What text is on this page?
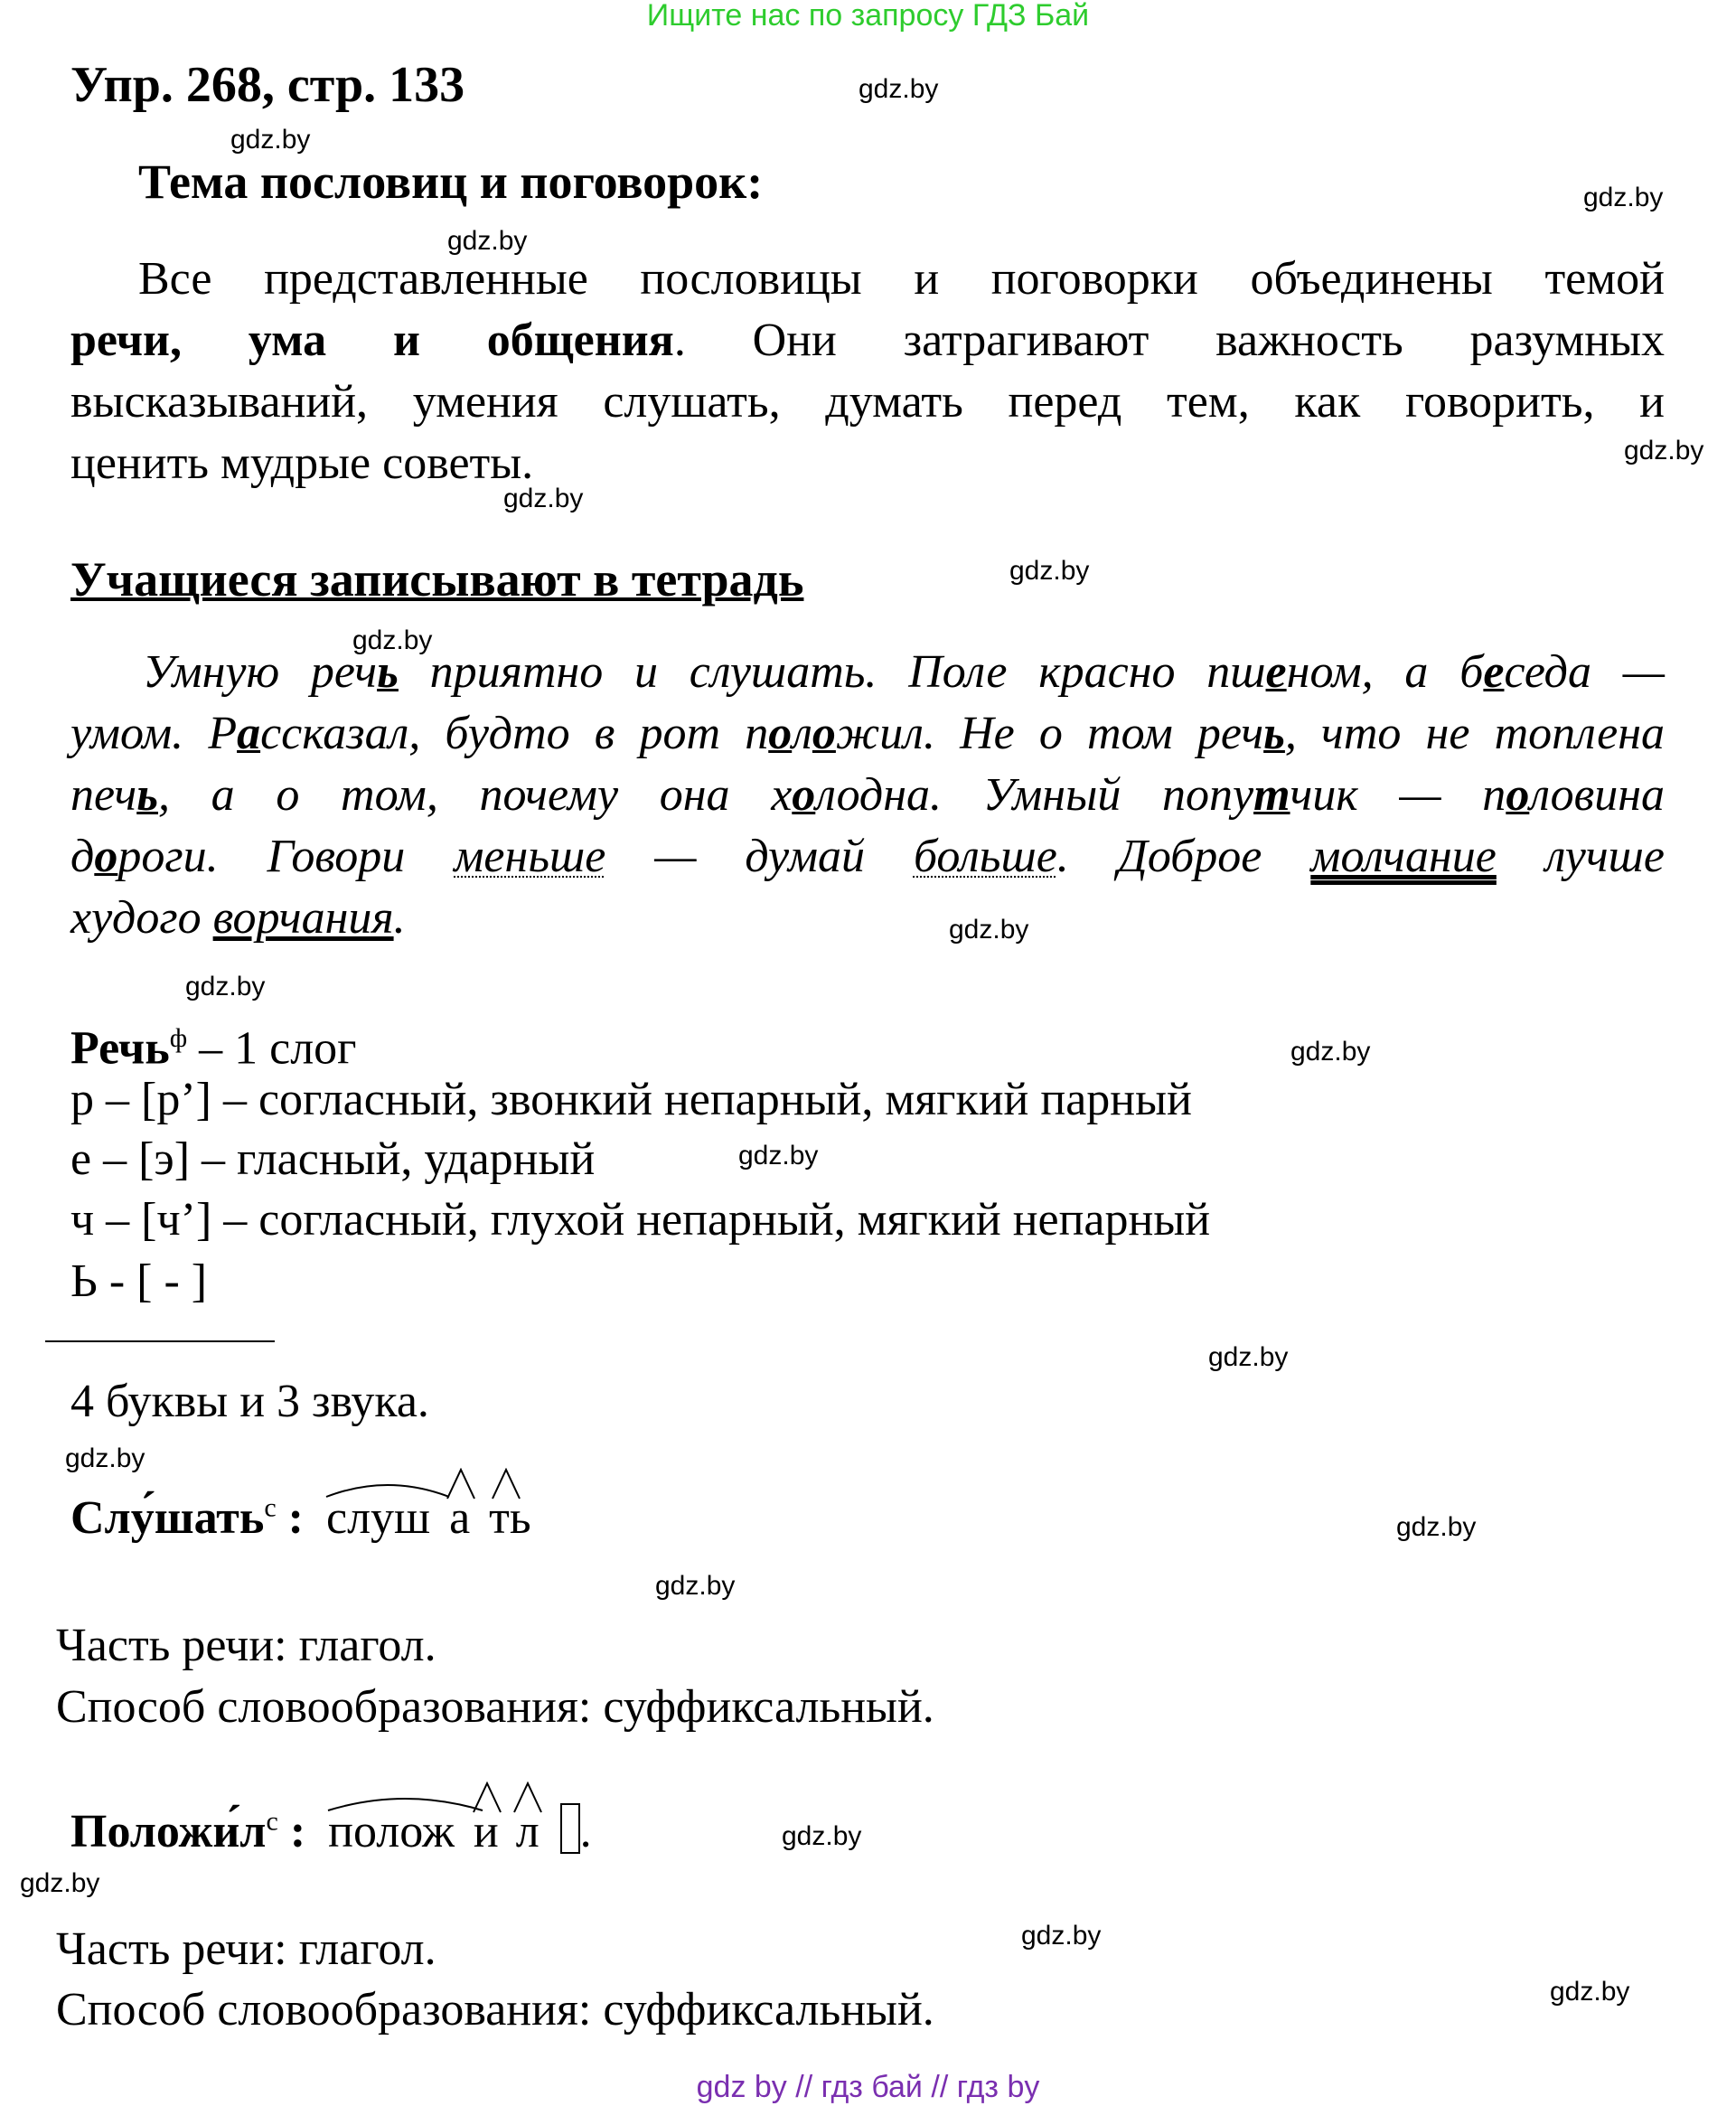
Ищите нас по запросу ГДЗ Бай
Упр. 268, стр. 133
Тема пословиц и поговорок:
Все представленные пословицы и поговорки объединены темой
речи, ума и общения. Они затрагивают важность разумных
высказываний, умения слушать, думать перед тем, как говорить, и
ценить мудрые советы.
Учащиеся записывают в тетрадь
Умную речь приятно и слушать. Поле красно пшеном, а беседа —
умом. Рассказал, будто в рот положил. Не о том речь, что не топлена
печь, а о том, почему она холодна. Умный попутчик — половина
дороги. Говори меньше — думай больше. Доброе молчание лучше
худого ворчания.
Речь$^ф$ – 1 слог
р – [р’] – согласный, звонкий непарный, мягкий парный
е – [э] – гласный, ударный
ч – [ч’] – согласный, глухой непарный, мягкий непарный
Ь - [ - ]
4 буквы и 3 звука.
Слу́шать$^с$ : слуш а ть
Часть речи: глагол.
Способ словообразования: суффиксальный.
$Положи́л^с$ : полож и л .
Часть речи: глагол.
Способ словообразования: суффиксальный.
gdz.by
gdz.by
gdz.by
gdz.by
gdz.by
gdz.by
gdz.by
gdz.by
gdz.by
gdz.by
gdz.by
gdz.by
gdz.by
gdz.by
gdz.by
gdz.by
gdz.by
gdz.by
gdz.by
gdz.by
gdz by // гдз бай // гдз by
